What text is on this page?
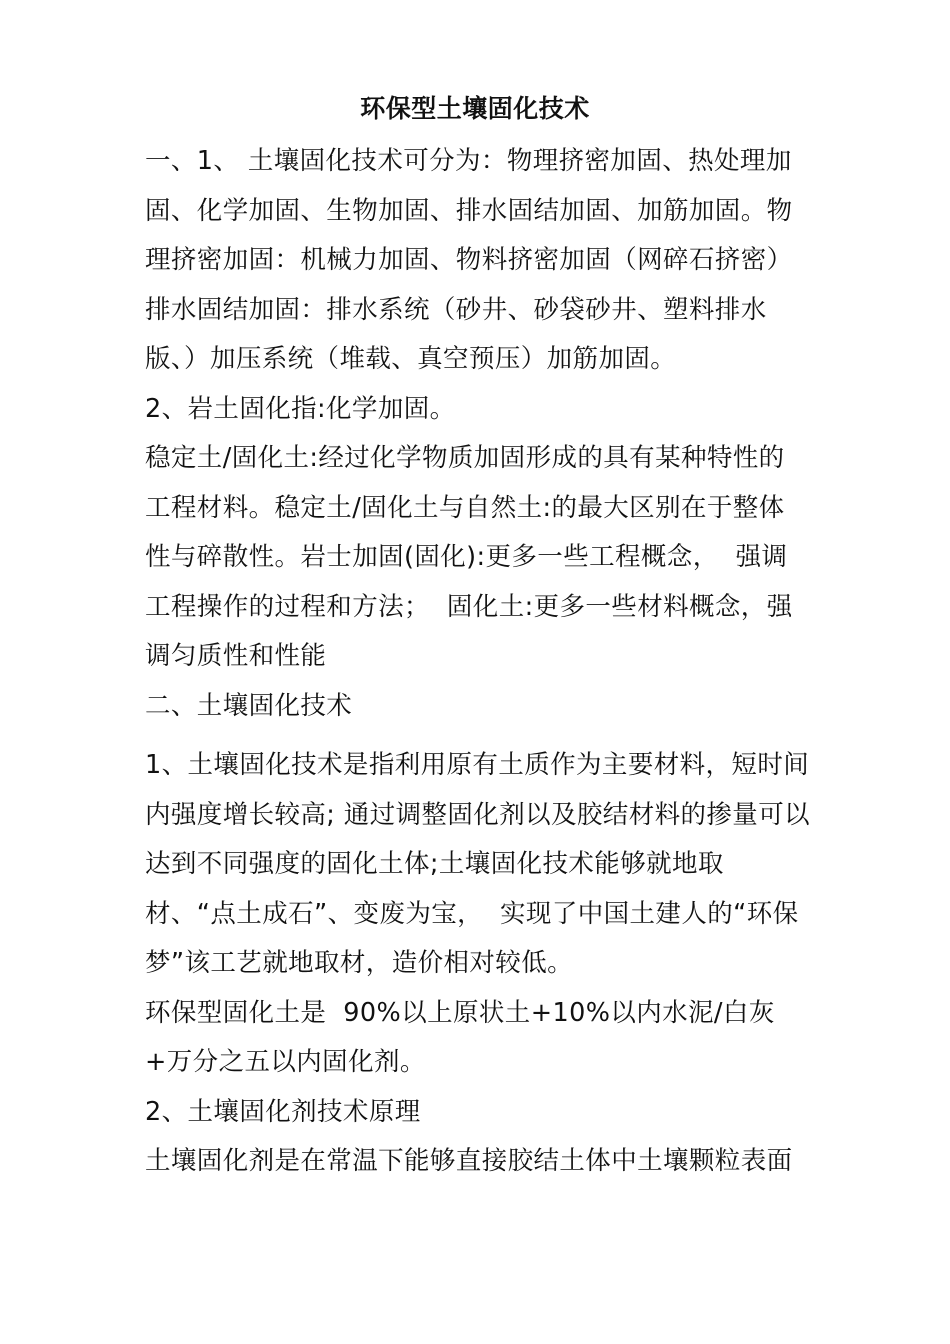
环保型土壤固化技术

一、1、 土壤固化技术可分为：物理挤密加固、热处理加固、化学加固、生物加固、排水固结加固、加筋加固。物理挤密加固：机械力加固、物料挤密加固（网碎石挤密）排水固结加固：排水系统（砂井、砂袋砂井、塑料排水版、）加压系统（堆载、真空预压）加筋加固。

2、岩土固化指:化学加固。

稳定土/固化土:经过化学物质加固形成的具有某种特性的工程材料。稳定土/固化土与自然土:的最大区别在于整体性与碎散性。岩士加固(固化):更多一些工程概念，  强调工程操作的过程和方法；  固化土:更多一些材料概念，强调匀质性和性能

二、土壤固化技术

1、土壤固化技术是指利用原有土质作为主要材料，短时间内强度增长较高; 通过调整固化剂以及胶结材料的掺量可以达到不同强度的固化土体;土壤固化技术能够就地取材、“点土成石”、变废为宝，  实现了中国土建人的“环保梦”该工艺就地取材，造价相对较低。

环保型固化土是  90%以上原状土+10%以内水泥/白灰+万分之五以内固化剂。

2、土壤固化剂技术原理

土壤固化剂是在常温下能够直接胶结土体中土壤颗粒表面
